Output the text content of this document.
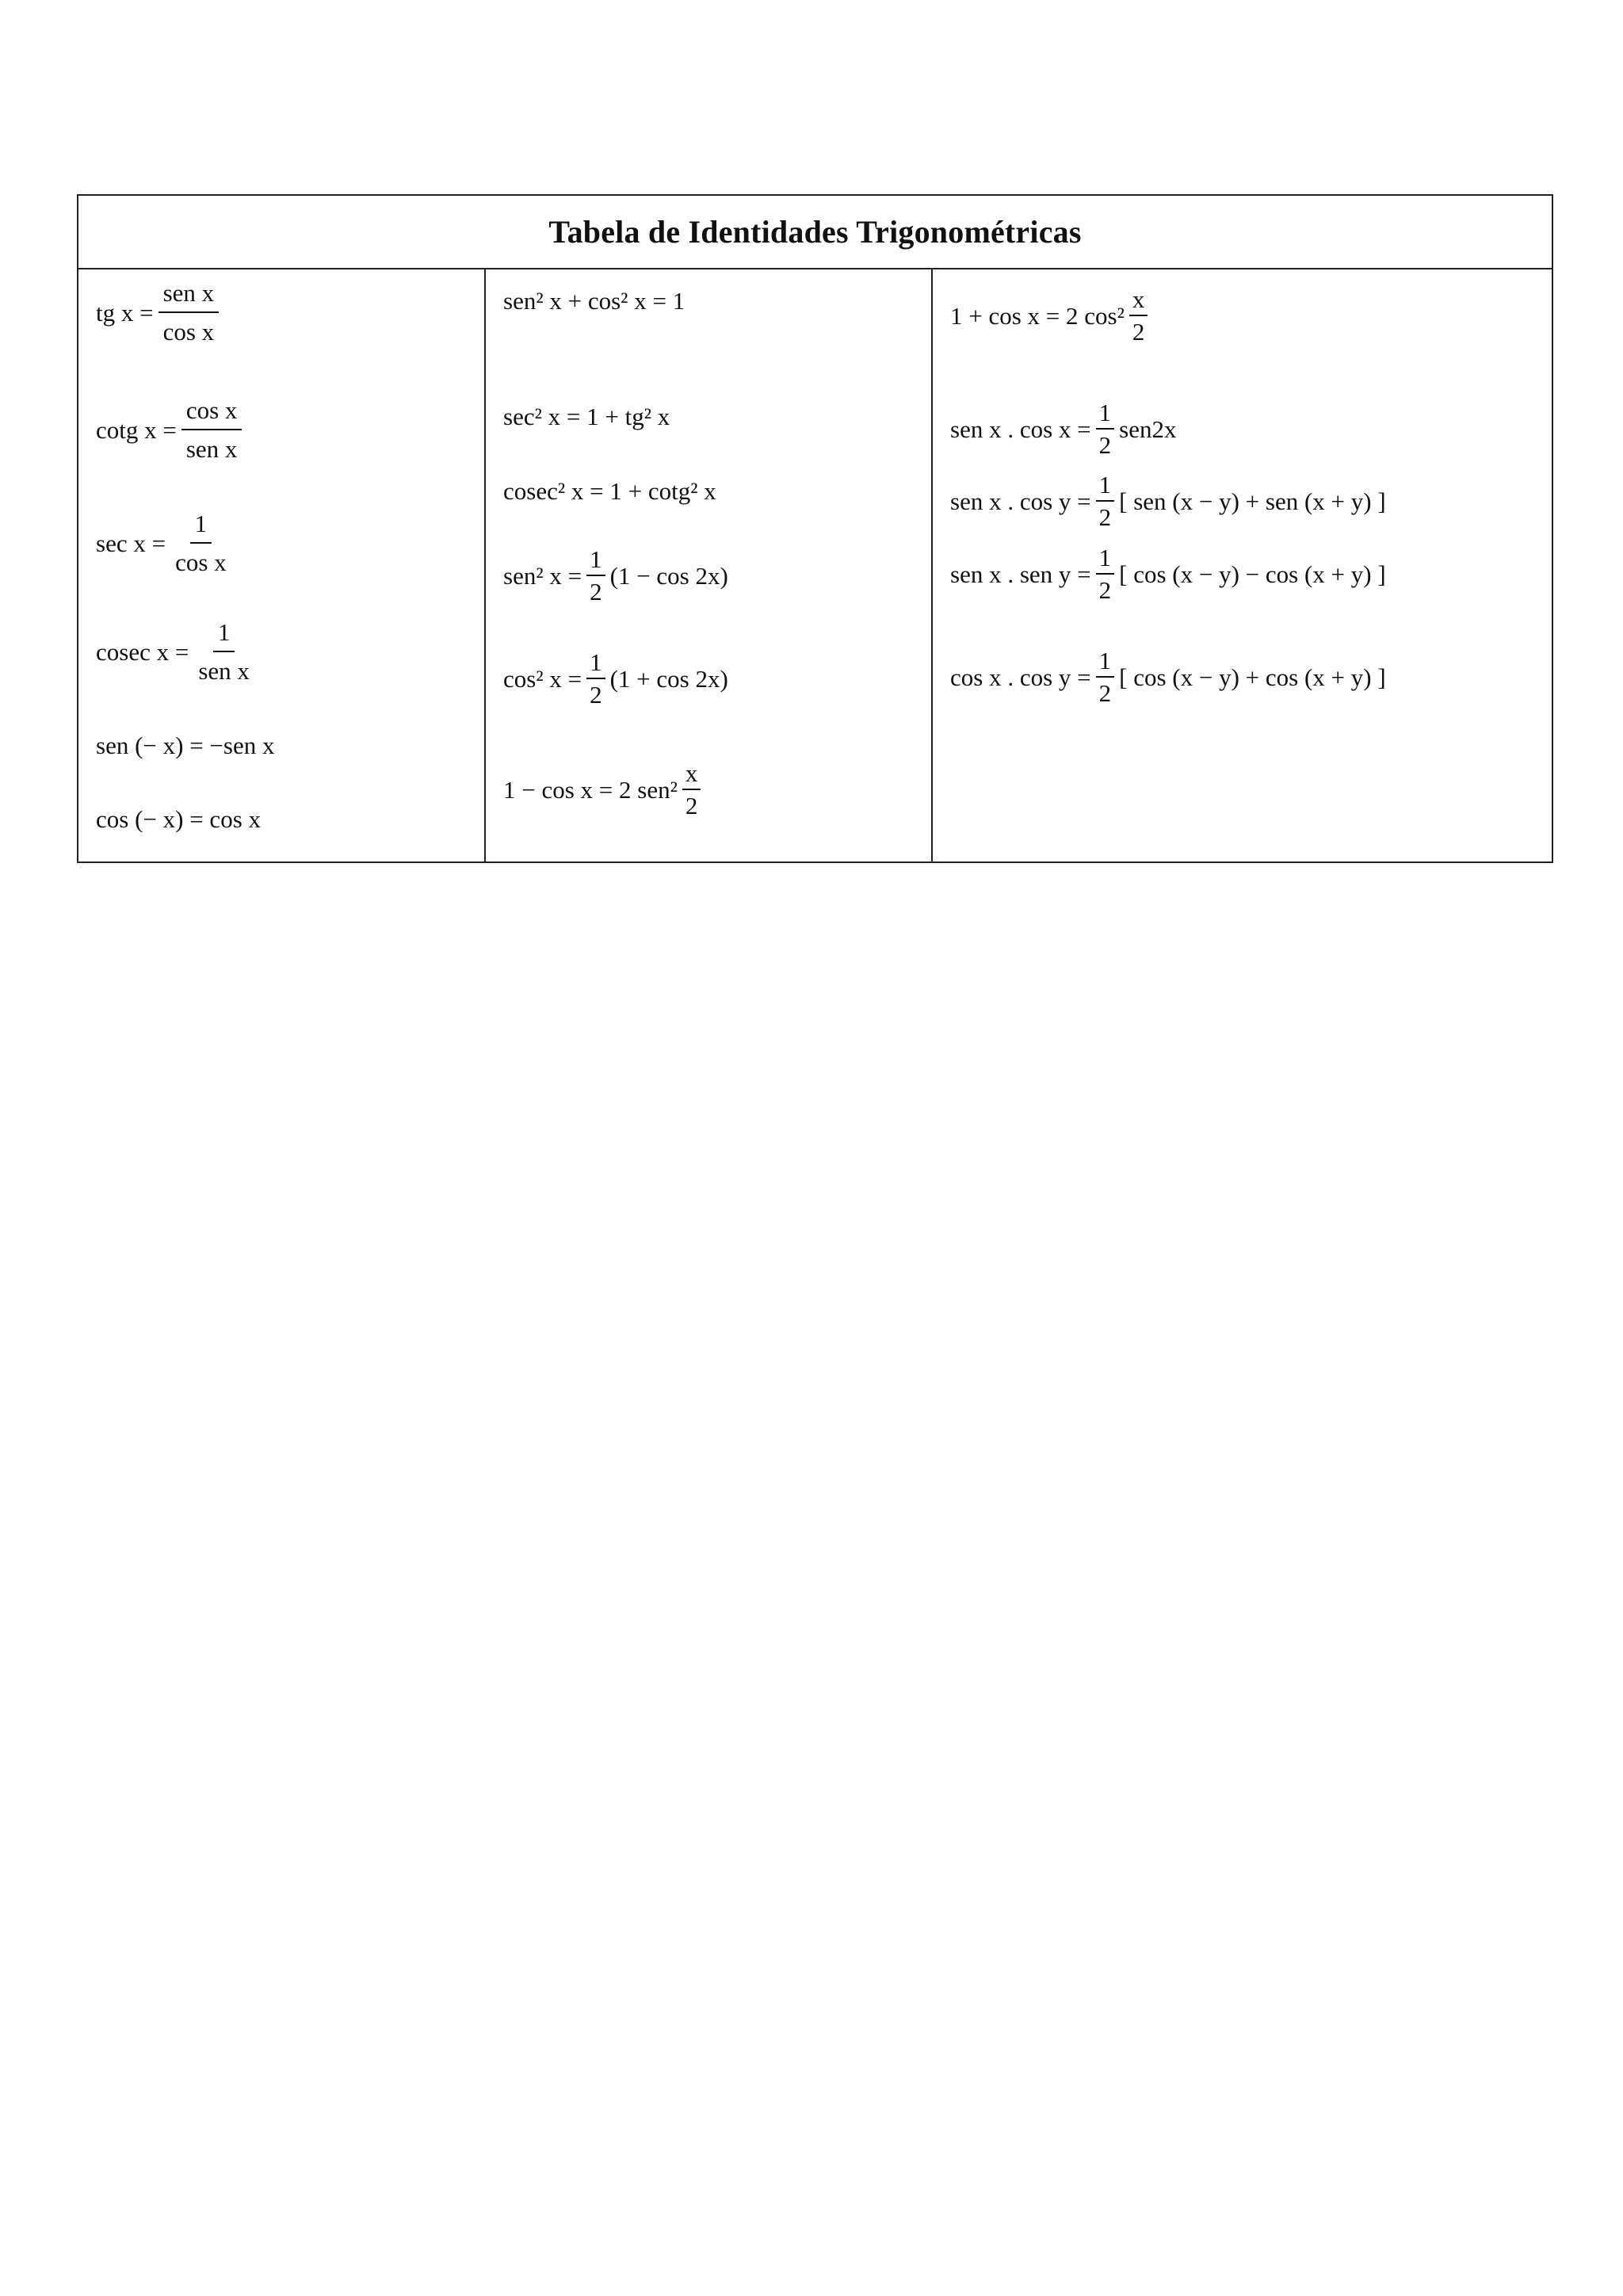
Tabela de Identidades Trigonométricas
tg $x = \frac{\text{sen x}}{\text{cos x}}$
cotg $x = \frac{\text{cos x}}{\text{sen x}}$
$\sec x = \frac{1}{\text{cos x}}$
cosec $x = \frac{1}{\text{sen x}}$
sen (− x) = −sen x
cos (− x) = cos x
sen² x + cos² x = 1
sec² x = 1 + tg² x
cosec² x = 1 + cotg² x
sen² $x = \frac{1}{2} (1 - \cos 2x)$
cos² $x = \frac{1}{2} (1 + \cos 2x)$
1 − cos x = 2 $sen^2 \frac{x}{2}$
1 + cos x = 2 $\cos^2 \frac{x}{2}$
sen x . $\cos x = \frac{1}{2} sen2x$
sen x . $\cos y = \frac{1}{2}$ [ sen (x − y) + sen (x + y) ]
sen x . sen $y = \frac{1}{2}$ [ cos (x − y) − cos (x + y) ]
cos x . $\cos y = \frac{1}{2}$ [ cos (x − y) + cos (x + y) ]
